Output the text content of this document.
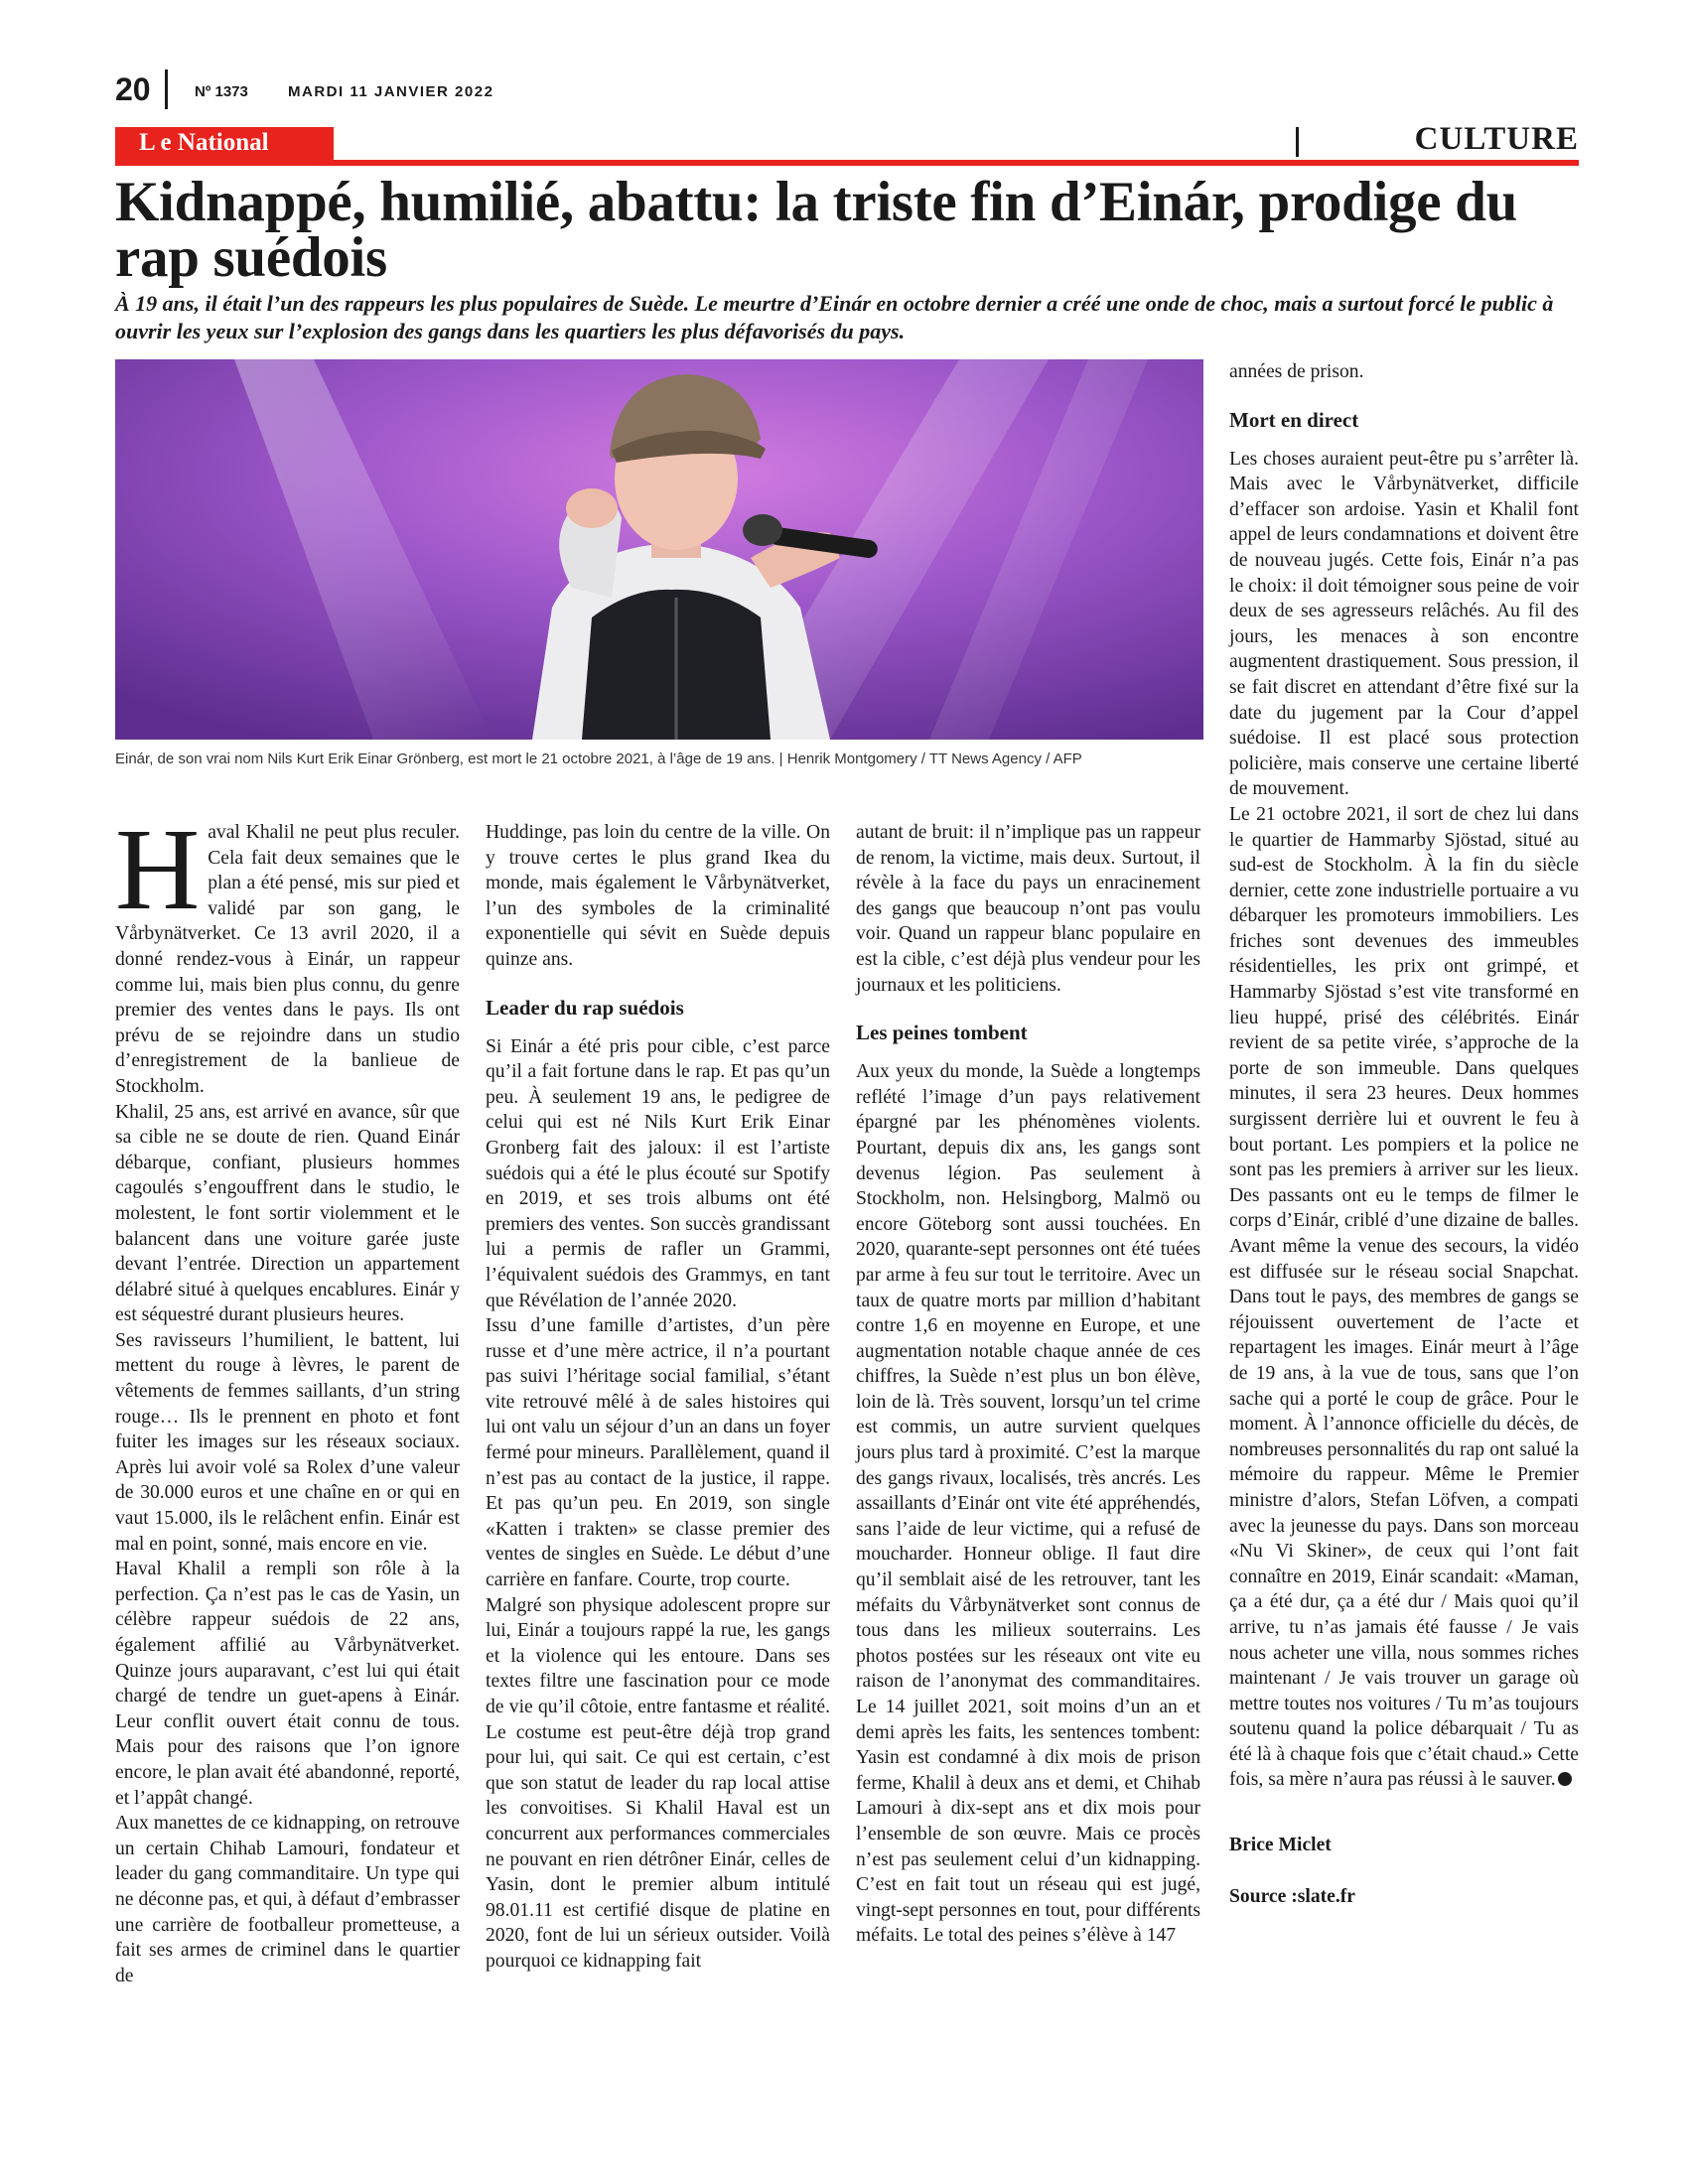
20	Nº 1373	MARDI 11 JANVIER 2022
L e National	CULTURE
Kidnappé, humilié, abattu: la triste fin d’Einár, prodige du rap suédois

À 19 ans, il était l’un des rappeurs les plus populaires de Suède. Le meurtre d’Einár en octobre dernier a créé une onde de choc, mais a surtout forcé le public à ouvrir les yeux sur l’explosion des gangs dans les quartiers les plus défavorisés du pays.

Einár, de son vrai nom Nils Kurt Erik Einar Grönberg, est mort le 21 octobre 2021, à l’âge de 19 ans. | Henrik Montgomery / TT News Agency / AFP

Haval Khalil ne peut plus reculer. Cela fait deux semaines que le plan a été pensé, mis sur pied et validé par son gang, le Vårbynätverket. Ce 13 avril 2020, il a donné rendez-vous à Einár, un rappeur comme lui, mais bien plus connu, du genre premier des ventes dans le pays. Ils ont prévu de se rejoindre dans un studio d’enregistrement de la banlieue de Stockholm.

Khalil, 25 ans, est arrivé en avance, sûr que sa cible ne se doute de rien. Quand Einár débarque, confiant, plusieurs hommes cagoulés s’engouffrent dans le studio, le molestent, le font sortir violemment et le balancent dans une voiture garée juste devant l’entrée. Direction un appartement délabré situé à quelques encablures. Einár y est séquestré durant plusieurs heures.

Ses ravisseurs l’humilient, le battent, lui mettent du rouge à lèvres, le parent de vêtements de femmes saillants, d’un string rouge… Ils le prennent en photo et font fuiter les images sur les réseaux sociaux. Après lui avoir volé sa Rolex d’une valeur de 30.000 euros et une chaîne en or qui en vaut 15.000, ils le relâchent enfin. Einár est mal en point, sonné, mais encore en vie.

Haval Khalil a rempli son rôle à la perfection. Ça n’est pas le cas de Yasin, un célèbre rappeur suédois de 22 ans, également affilié au Vårbynätverket. Quinze jours auparavant, c’est lui qui était chargé de tendre un guet-apens à Einár. Leur conflit ouvert était connu de tous. Mais pour des raisons que l’on ignore encore, le plan avait été abandonné, reporté, et l’appât changé.

Aux manettes de ce kidnapping, on retrouve un certain Chihab Lamouri, fondateur et leader du gang commanditaire. Un type qui ne déconne pas, et qui, à défaut d’embrasser une carrière de footballeur prometteuse, a fait ses armes de criminel dans le quartier de

Huddinge, pas loin du centre de la ville. On y trouve certes le plus grand Ikea du monde, mais également le Vårbynätverket, l’un des symboles de la criminalité exponentielle qui sévit en Suède depuis quinze ans.

Leader du rap suédois

Si Einár a été pris pour cible, c’est parce qu’il a fait fortune dans le rap. Et pas qu’un peu. À seulement 19 ans, le pedigree de celui qui est né Nils Kurt Erik Einar Gronberg fait des jaloux: il est l’artiste suédois qui a été le plus écouté sur Spotify en 2019, et ses trois albums ont été premiers des ventes. Son succès grandissant lui a permis de rafler un Grammi, l’équivalent suédois des Grammys, en tant que Révélation de l’année 2020.

Issu d’une famille d’artistes, d’un père russe et d’une mère actrice, il n’a pourtant pas suivi l’héritage social familial, s’étant vite retrouvé mêlé à de sales histoires qui lui ont valu un séjour d’un an dans un foyer fermé pour mineurs. Parallèlement, quand il n’est pas au contact de la justice, il rappe. Et pas qu’un peu. En 2019, son single «Katten i trakten» se classe premier des ventes de singles en Suède. Le début d’une carrière en fanfare. Courte, trop courte.

Malgré son physique adolescent propre sur lui, Einár a toujours rappé la rue, les gangs et la violence qui les entoure. Dans ses textes filtre une fascination pour ce mode de vie qu’il côtoie, entre fantasme et réalité. Le costume est peut-être déjà trop grand pour lui, qui sait. Ce qui est certain, c’est que son statut de leader du rap local attise les convoitises. Si Khalil Haval est un concurrent aux performances commerciales ne pouvant en rien détrôner Einár, celles de Yasin, dont le premier album intitulé 98.01.11 est certifié disque de platine en 2020, font de lui un sérieux outsider. Voilà pourquoi ce kidnapping fait

autant de bruit: il n’implique pas un rappeur de renom, la victime, mais deux. Surtout, il révèle à la face du pays un enracinement des gangs que beaucoup n’ont pas voulu voir. Quand un rappeur blanc populaire en est la cible, c’est déjà plus vendeur pour les journaux et les politiciens.

Les peines tombent

Aux yeux du monde, la Suède a longtemps reflété l’image d’un pays relativement épargné par les phénomènes violents. Pourtant, depuis dix ans, les gangs sont devenus légion. Pas seulement à Stockholm, non. Helsingborg, Malmö ou encore Göteborg sont aussi touchées. En 2020, quarante-sept personnes ont été tuées par arme à feu sur tout le territoire. Avec un taux de quatre morts par million d’habitant contre 1,6 en moyenne en Europe, et une augmentation notable chaque année de ces chiffres, la Suède n’est plus un bon élève, loin de là. Très souvent, lorsqu’un tel crime est commis, un autre survient quelques jours plus tard à proximité. C’est la marque des gangs rivaux, localisés, très ancrés. Les assaillants d’Einár ont vite été appréhendés, sans l’aide de leur victime, qui a refusé de moucharder. Honneur oblige. Il faut dire qu’il semblait aisé de les retrouver, tant les méfaits du Vårbynätverket sont connus de tous dans les milieux souterrains. Les photos postées sur les réseaux ont vite eu raison de l’anonymat des commanditaires. Le 14 juillet 2021, soit moins d’un an et demi après les faits, les sentences tombent: Yasin est condamné à dix mois de prison ferme, Khalil à deux ans et demi, et Chihab Lamouri à dix-sept ans et dix mois pour l’ensemble de son œuvre. Mais ce procès n’est pas seulement celui d’un kidnapping. C’est en fait tout un réseau qui est jugé, vingt-sept personnes en tout, pour différents méfaits. Le total des peines s’élève à 147

années de prison.

Mort en direct

Les choses auraient peut-être pu s’arrêter là. Mais avec le Vårbynätverket, difficile d’effacer son ardoise. Yasin et Khalil font appel de leurs condamnations et doivent être de nouveau jugés. Cette fois, Einár n’a pas le choix: il doit témoigner sous peine de voir deux de ses agresseurs relâchés. Au fil des jours, les menaces à son encontre augmentent drastiquement. Sous pression, il se fait discret en attendant d’être fixé sur la date du jugement par la Cour d’appel suédoise. Il est placé sous protection policière, mais conserve une certaine liberté de mouvement.

Le 21 octobre 2021, il sort de chez lui dans le quartier de Hammarby Sjöstad, situé au sud-est de Stockholm. À la fin du siècle dernier, cette zone industrielle portuaire a vu débarquer les promoteurs immobiliers. Les friches sont devenues des immeubles résidentielles, les prix ont grimpé, et Hammarby Sjöstad s’est vite transformé en lieu huppé, prisé des célébrités. Einár revient de sa petite virée, s’approche de la porte de son immeuble. Dans quelques minutes, il sera 23 heures. Deux hommes surgissent derrière lui et ouvrent le feu à bout portant. Les pompiers et la police ne sont pas les premiers à arriver sur les lieux. Des passants ont eu le temps de filmer le corps d’Einár, criblé d’une dizaine de balles. Avant même la venue des secours, la vidéo est diffusée sur le réseau social Snapchat. Dans tout le pays, des membres de gangs se réjouissent ouvertement de l’acte et repartagent les images. Einár meurt à l’âge de 19 ans, à la vue de tous, sans que l’on sache qui a porté le coup de grâce. Pour le moment. À l’annonce officielle du décès, de nombreuses personnalités du rap ont salué la mémoire du rappeur. Même le Premier ministre d’alors, Stefan Löfven, a compati avec la jeunesse du pays. Dans son morceau «Nu Vi Skiner», de ceux qui l’ont fait connaître en 2019, Einár scandait: «Maman, ça a été dur, ça a été dur / Mais quoi qu’il arrive, tu n’as jamais été fausse / Je vais nous acheter une villa, nous sommes riches maintenant / Je vais trouver un garage où mettre toutes nos voitures / Tu m’as toujours soutenu quand la police débarquait / Tu as été là à chaque fois que c’était chaud.» Cette fois, sa mère n’aura pas réussi à le sauver.

Brice Miclet

Source :slate.fr
